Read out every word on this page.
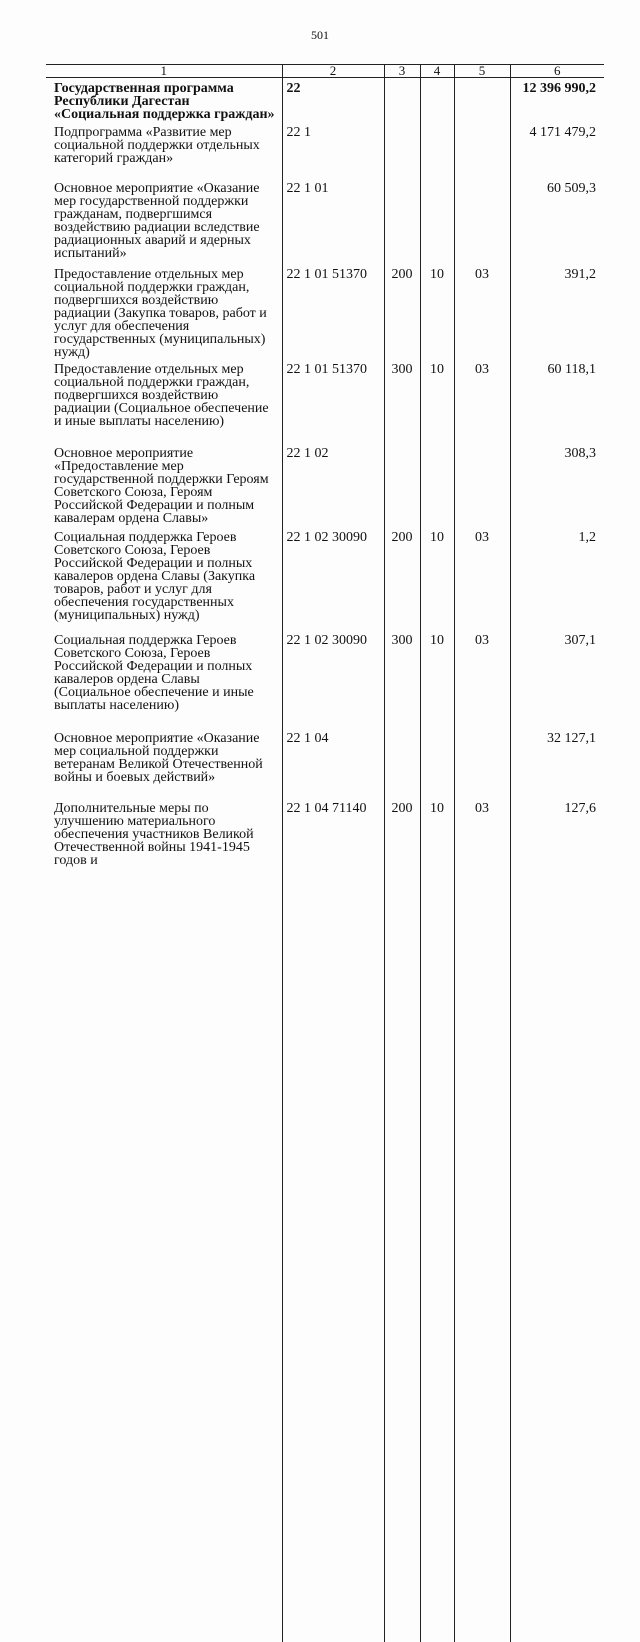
501
1	2	3	4	5	6
Государственная программа Республики Дагестан «Социальная поддержка граждан»	22				12 396 990,2
Подпрограмма «Развитие мер социальной поддержки отдельных категорий граждан»	22 1				4 171 479,2
Основное мероприятие «Оказание мер государственной поддержки гражданам, подвергшимся воздействию радиации вследствие радиационных аварий и ядерных испытаний»	22 1 01				60 509,3
Предоставление отдельных мер социальной поддержки граждан, подвергшихся воздействию радиации (Закупка товаров, работ и услуг для обеспечения государственных (муниципальных) нужд)	22 1 01 51370	200	10	03	391,2
Предоставление отдельных мер социальной поддержки граждан, подвергшихся воздействию радиации (Социальное обеспечение и иные выплаты населению)	22 1 01 51370	300	10	03	60 118,1
Основное мероприятие «Предоставление мер государственной поддержки Героям Советского Союза, Героям Российской Федерации и полным кавалерам ордена Славы»	22 1 02				308,3
Социальная поддержка Героев Советского Союза, Героев Российской Федерации и полных кавалеров ордена Славы (Закупка товаров, работ и услуг для обеспечения государственных (муниципальных) нужд)	22 1 02 30090	200	10	03	1,2
Социальная поддержка Героев Советского Союза, Героев Российской Федерации и полных кавалеров ордена Славы (Социальное обеспечение и иные выплаты населению)	22 1 02 30090	300	10	03	307,1
Основное мероприятие «Оказание мер социальной поддержки ветеранам Великой Отечественной войны и боевых действий»	22 1 04				32 127,1
Дополнительные меры по улучшению материального обеспечения участников Великой Отечественной войны 1941-1945 годов и	22 1 04 71140	200	10	03	127,6
